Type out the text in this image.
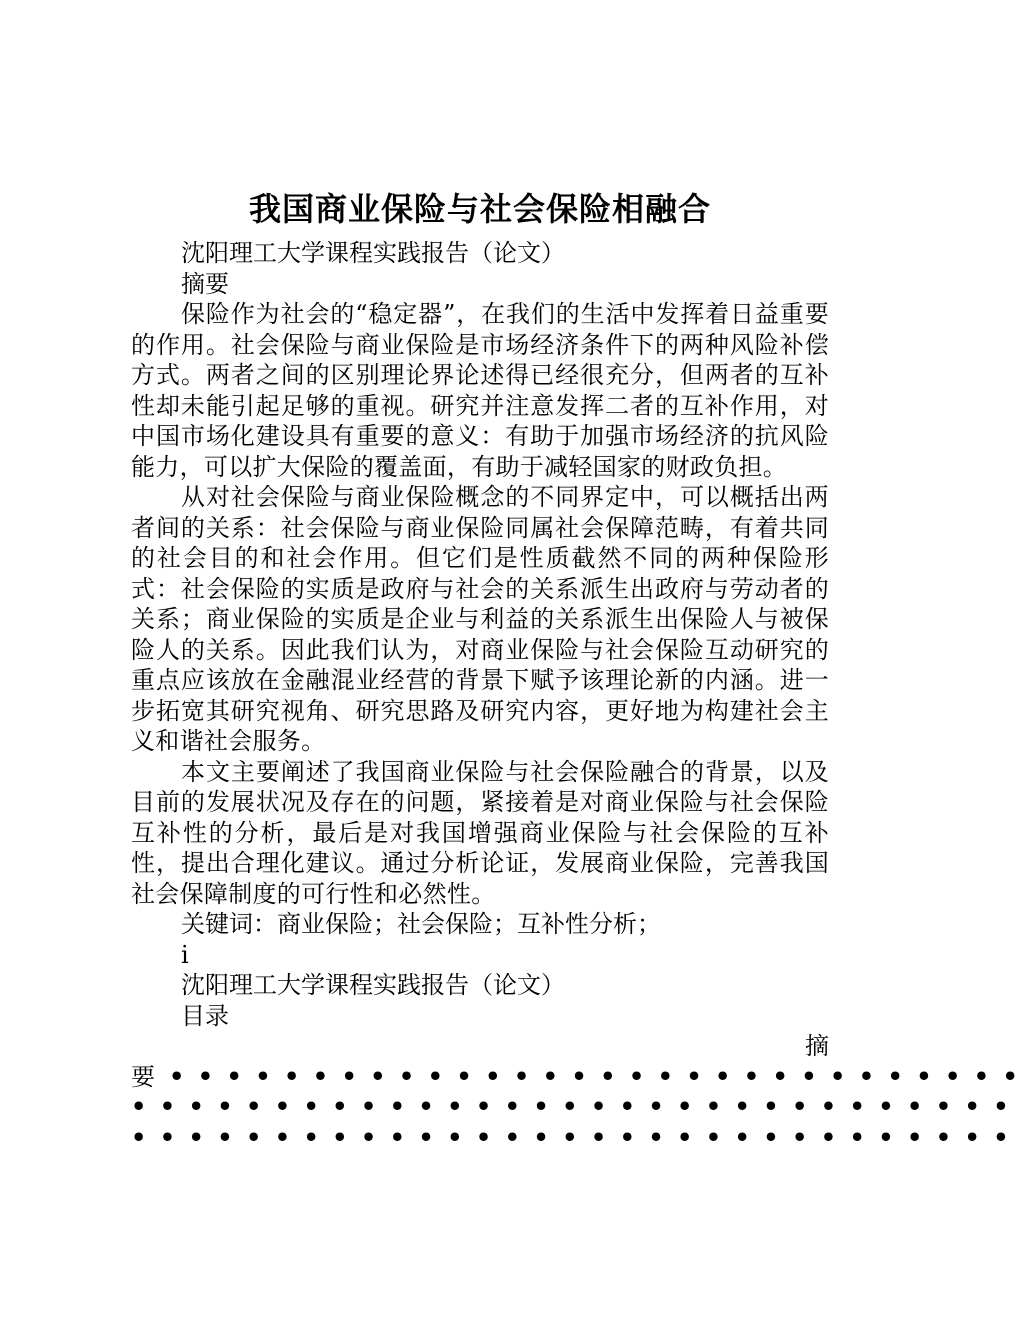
我国商业保险与社会保险相融合

沈阳理工大学课程实践报告（论文）

摘要

保险作为社会的“稳定器”，在我们的生活中发挥着日益重要的作用。社会保险与商业保险是市场经济条件下的两种风险补偿方式。两者之间的区别理论界论述得已经很充分，但两者的互补性却未能引起足够的重视。研究并注意发挥二者的互补作用，对中国市场化建设具有重要的意义：有助于加强市场经济的抗风险能力，可以扩大保险的覆盖面，有助于减轻国家的财政负担。

从对社会保险与商业保险概念的不同界定中，可以概括出两者间的关系：社会保险与商业保险同属社会保障范畴，有着共同的社会目的和社会作用。但它们是性质截然不同的两种保险形式：社会保险的实质是政府与社会的关系派生出政府与劳动者的关系；商业保险的实质是企业与利益的关系派生出保险人与被保险人的关系。因此我们认为，对商业保险与社会保险互动研究的重点应该放在金融混业经营的背景下赋予该理论新的内涵。进一步拓宽其研究视角、研究思路及研究内容，更好地为构建社会主义和谐社会服务。

本文主要阐述了我国商业保险与社会保险融合的背景，以及目前的发展状况及存在的问题，紧接着是对商业保险与社会保险互补性的分析，最后是对我国增强商业保险与社会保险的互补性，提出合理化建议。通过分析论证，发展商业保险，完善我国社会保障制度的可行性和必然性。

关键词：商业保险；社会保险；互补性分析；

i

沈阳理工大学课程实践报告（论文）

目录

摘

要 ••••••••••••••••••••••••••••••

•••••••••••••••••••••••••••••••

•••••••••••••••••••••••••••••••
